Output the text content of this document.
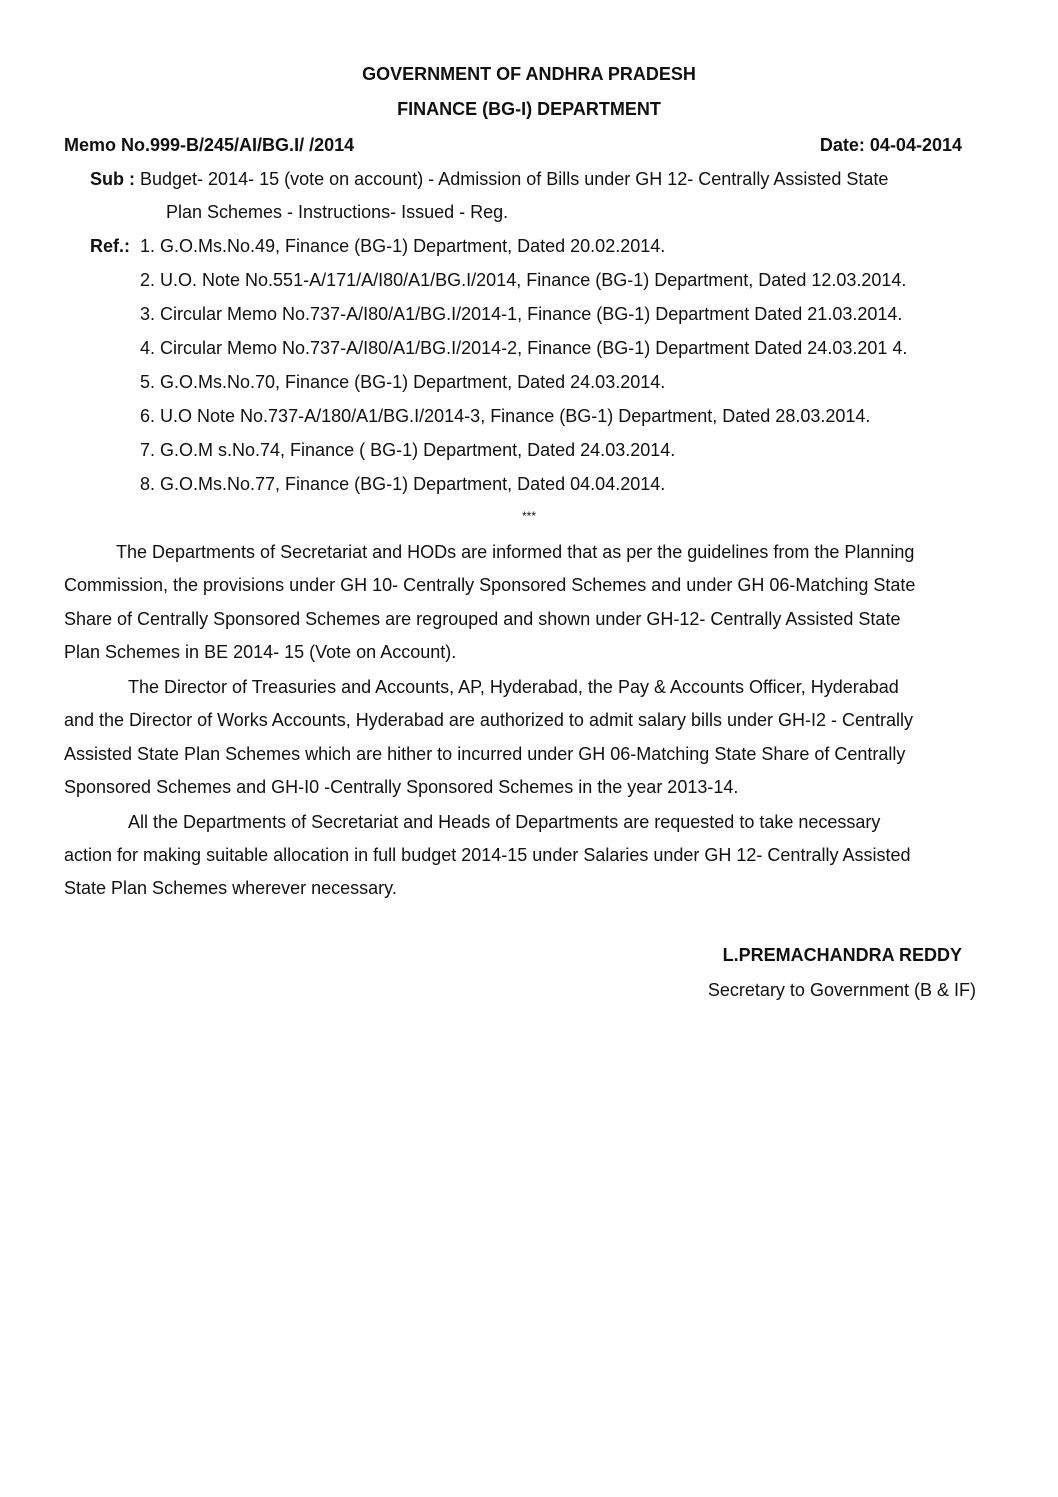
GOVERNMENT OF ANDHRA PRADESH
FINANCE (BG-I) DEPARTMENT
Memo No.999-B/245/AI/BG.I/ /2014	Date: 04-04-2014
Sub : Budget- 2014- 15 (vote on account) - Admission of Bills under GH 12- Centrally Assisted State
Plan Schemes - Instructions- Issued - Reg.
Ref.: 1. G.O.Ms.No.49, Finance (BG-1) Department, Dated 20.02.2014.
2. U.O. Note No.551-A/171/A/I80/A1/BG.I/2014, Finance (BG-1) Department, Dated 12.03.2014.
3. Circular Memo No.737-A/I80/A1/BG.I/2014-1, Finance (BG-1) Department Dated 21.03.2014.
4. Circular Memo No.737-A/I80/A1/BG.I/2014-2, Finance (BG-1) Department Dated 24.03.201 4.
5. G.O.Ms.No.70, Finance (BG-1) Department, Dated 24.03.2014.
6. U.O Note No.737-A/180/A1/BG.I/2014-3, Finance (BG-1) Department, Dated 28.03.2014.
7. G.O.M s.No.74, Finance ( BG-1) Department, Dated 24.03.2014.
8. G.O.Ms.No.77, Finance (BG-1) Department, Dated 04.04.2014.
***
The Departments of Secretariat and HODs are informed that as per the guidelines from the Planning
Commission, the provisions under GH 10- Centrally Sponsored Schemes and under GH 06-Matching State
Share of Centrally Sponsored Schemes are regrouped and shown under GH-12- Centrally Assisted State
Plan Schemes in BE 2014- 15 (Vote on Account).
The Director of Treasuries and Accounts, AP, Hyderabad, the Pay & Accounts Officer, Hyderabad
and the Director of Works Accounts, Hyderabad are authorized to admit salary bills under GH-I2 - Centrally
Assisted State Plan Schemes which are hither to incurred under GH 06-Matching State Share of Centrally
Sponsored Schemes and GH-I0 -Centrally Sponsored Schemes in the year 2013-14.
All the Departments of Secretariat and Heads of Departments are requested to take necessary
action for making suitable allocation in full budget 2014-15 under Salaries under GH 12- Centrally Assisted
State Plan Schemes wherever necessary.
L.PREMACHANDRA REDDY
Secretary to Government (B & IF)
